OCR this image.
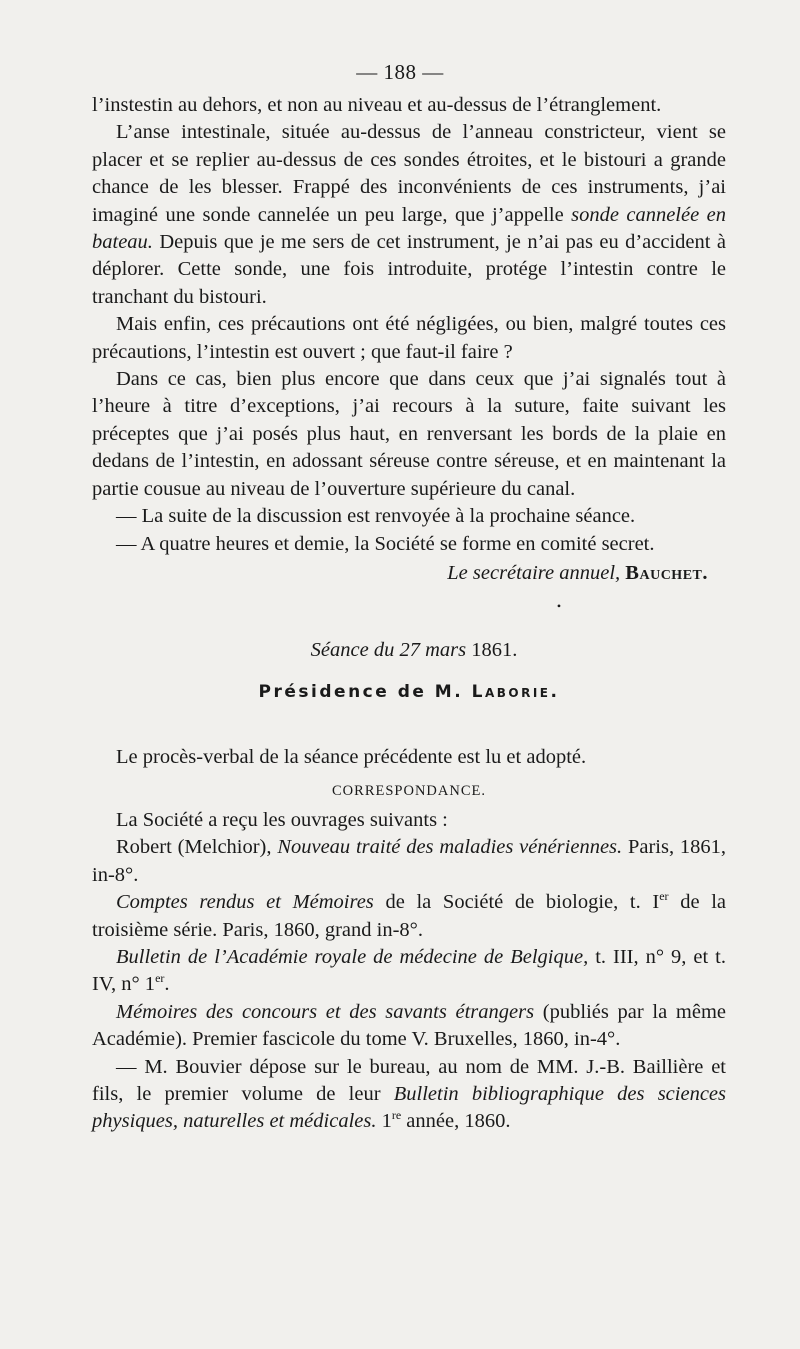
— 188 —

l’instestin au dehors, et non au niveau et au-dessus de l’étranglement.

L’anse intestinale, située au-dessus de l’anneau constricteur, vient se placer et se replier au-dessus de ces sondes étroites, et le bistouri a grande chance de les blesser. Frappé des inconvénients de ces instruments, j’ai imaginé une sonde cannelée un peu large, que j’appelle sonde cannelée en bateau. Depuis que je me sers de cet instrument, je n’ai pas eu d’accident à déplorer. Cette sonde, une fois introduite, protége l’intestin contre le tranchant du bistouri.

Mais enfin, ces précautions ont été négligées, ou bien, malgré toutes ces précautions, l’intestin est ouvert ; que faut-il faire ?

Dans ce cas, bien plus encore que dans ceux que j’ai signalés tout à l’heure à titre d’exceptions, j’ai recours à la suture, faite suivant les préceptes que j’ai posés plus haut, en renversant les bords de la plaie en dedans de l’intestin, en adossant séreuse contre séreuse, et en maintenant la partie cousue au niveau de l’ouverture supérieure du canal.

— La suite de la discussion est renvoyée à la prochaine séance.

— A quatre heures et demie, la Société se forme en comité secret.

Le secrétaire annuel, Bauchet.
•
Séance du 27 mars 1861.
Présidence de M. Laborie.

Le procès-verbal de la séance précédente est lu et adopté.

CORRESPONDANCE.

La Société a reçu les ouvrages suivants :

Robert (Melchior), Nouveau traité des maladies vénériennes. Paris, 1861, in-8°.

Comptes rendus et Mémoires de la Société de biologie, t. Ier de la troisième série. Paris, 1860, grand in-8°.

Bulletin de l’Académie royale de médecine de Belgique, t. III, n° 9, et t. IV, n° 1er.

Mémoires des concours et des savants étrangers (publiés par la même Académie). Premier fascicole du tome V. Bruxelles, 1860, in-4°.

— M. Bouvier dépose sur le bureau, au nom de MM. J.-B. Baillière et fils, le premier volume de leur Bulletin bibliographique des sciences physiques, naturelles et médicales. 1re année, 1860.
